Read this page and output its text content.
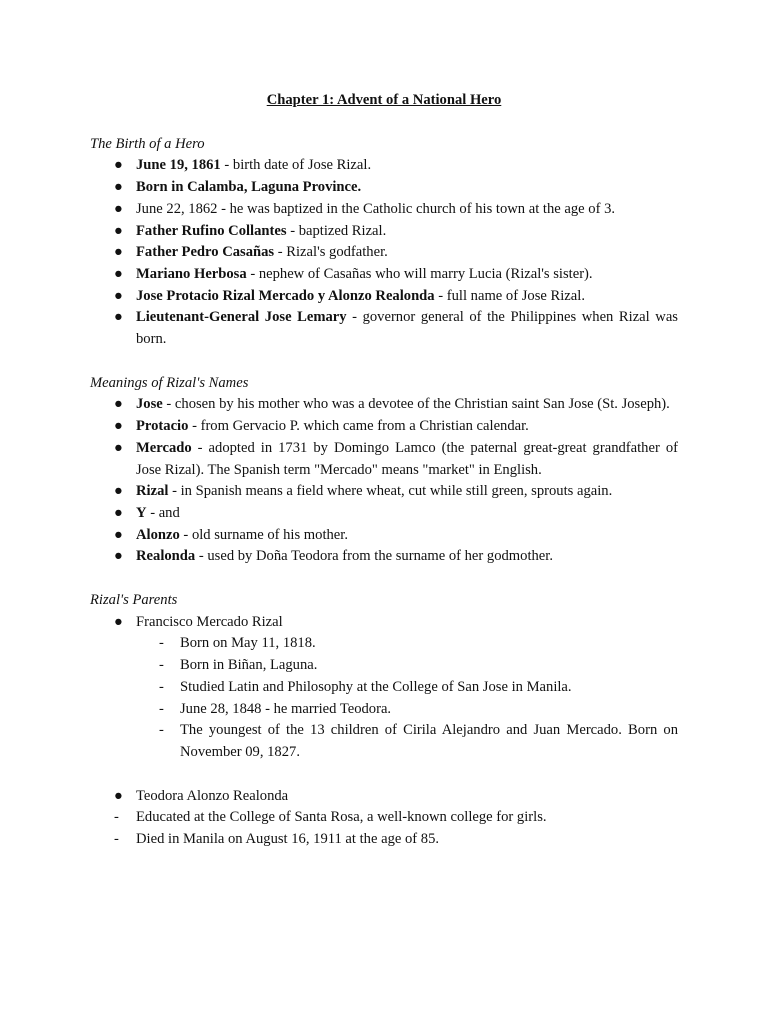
Chapter 1: Advent of a National Hero

The Birth of a Hero

● June 19, 1861 - birth date of Jose Rizal.
● Born in Calamba, Laguna Province.
● June 22, 1862 - he was baptized in the Catholic church of his town at the age of 3.
● Father Rufino Collantes - baptized Rizal.
● Father Pedro Casañas - Rizal's godfather.
● Mariano Herbosa - nephew of Casañas who will marry Lucia (Rizal's sister).
● Jose Protacio Rizal Mercado y Alonzo Realonda - full name of Jose Rizal.
● Lieutenant-General Jose Lemary - governor general of the Philippines when Rizal was born.

Meanings of Rizal's Names

● Jose - chosen by his mother who was a devotee of the Christian saint San Jose (St. Joseph).
● Protacio - from Gervacio P. which came from a Christian calendar.
● Mercado - adopted in 1731 by Domingo Lamco (the paternal great-great grandfather of Jose Rizal). The Spanish term "Mercado" means "market" in English.
● Rizal - in Spanish means a field where wheat, cut while still green, sprouts again.
● Y - and
● Alonzo - old surname of his mother.
● Realonda - used by Doña Teodora from the surname of her godmother.

Rizal's Parents

● Francisco Mercado Rizal
- Born on May 11, 1818.
- Born in Biñan, Laguna.
- Studied Latin and Philosophy at the College of San Jose in Manila.
- June 28, 1848 - he married Teodora.
- The youngest of the 13 children of Cirila Alejandro and Juan Mercado. Born on November 09, 1827.
● Teodora Alonzo Realonda
- Educated at the College of Santa Rosa, a well-known college for girls.
- Died in Manila on August 16, 1911 at the age of 85.
